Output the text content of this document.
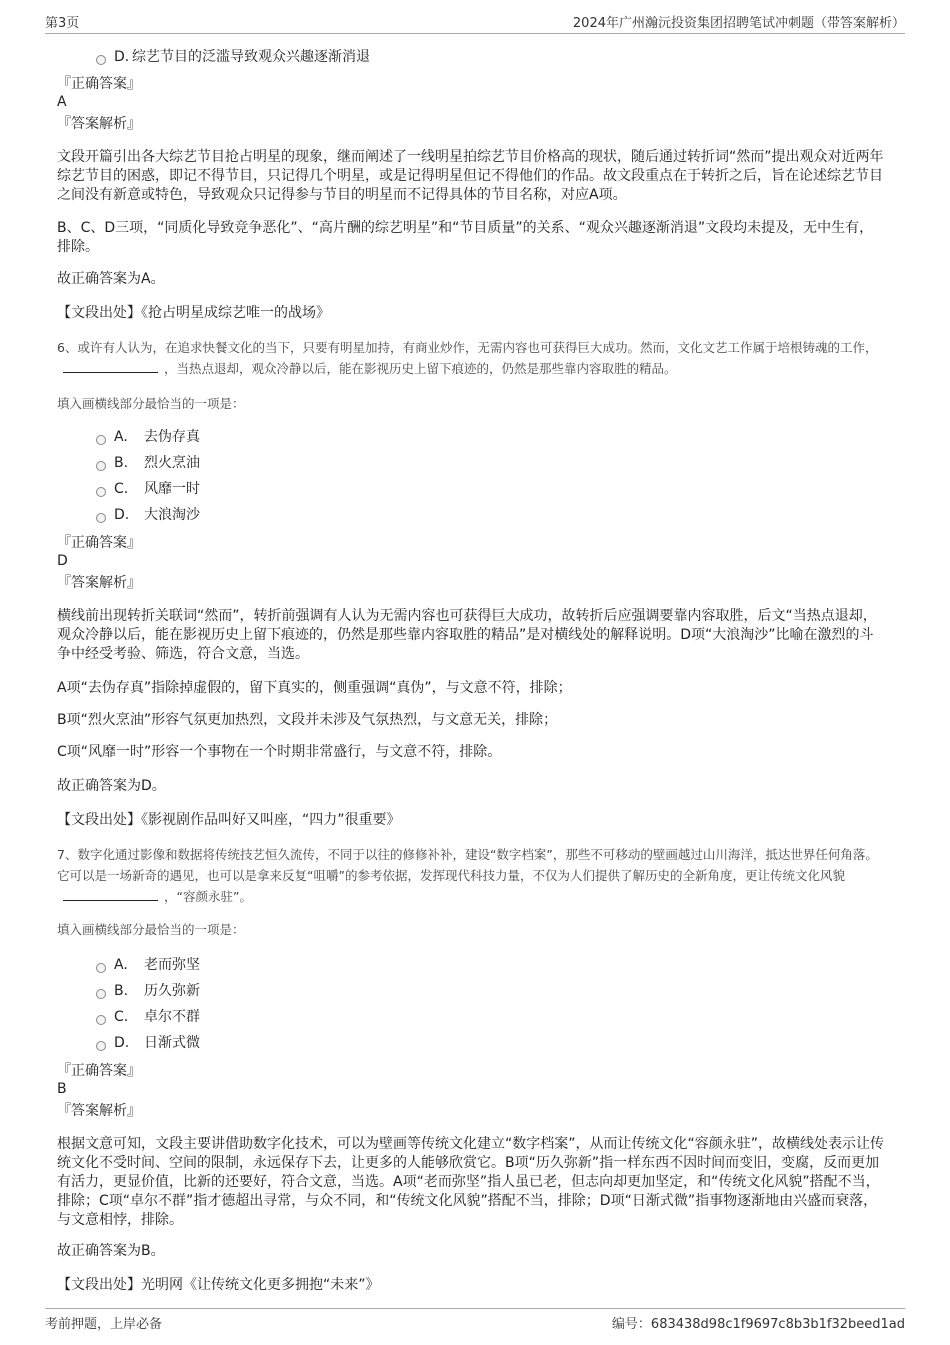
第3页	2024年广州瀚沅投资集团招聘笔试冲刺题（带答案解析）
D. 综艺节目的泛滥导致观众兴趣逐渐消退
『正确答案』
A
『答案解析』
文段开篇引出各大综艺节目抢占明星的现象，继而阐述了一线明星拍综艺节目价格高的现状，随后通过转折词“然而”提出观众对近两年综艺节目的困惑，即记不得节目，只记得几个明星，或是记得明星但记不得他们的作品。故文段重点在于转折之后，旨在论述综艺节目之间没有新意或特色，导致观众只记得参与节目的明星而不记得具体的节目名称，对应A项。
B、C、D三项，“同质化导致竞争恶化”、“高片酬的综艺明星”和“节目质量”的关系、“观众兴趣逐渐消退”文段均未提及，无中生有，排除。
故正确答案为A。
【文段出处】《抢占明星成综艺唯一的战场》
6、或许有人认为，在追求快餐文化的当下，只要有明星加持，有商业炒作，无需内容也可获得巨大成功。然而，文化文艺工作属于培根铸魂的工作，，当热点退却，观众冷静以后，能在影视历史上留下痕迹的，仍然是那些靠内容取胜的精品。
填入画横线部分最恰当的一项是：
A.	去伪存真
B.	烈火烹油
C.	风靡一时
D.	大浪淘沙
『正确答案』
D
『答案解析』
横线前出现转折关联词“然而”，转折前强调有人认为无需内容也可获得巨大成功，故转折后应强调要靠内容取胜，后文“当热点退却，观众冷静以后，能在影视历史上留下痕迹的，仍然是那些靠内容取胜的精品”是对横线处的解释说明。D项“大浪淘沙”比喻在激烈的斗争中经受考验、筛选，符合文意，当选。
A项“去伪存真”指除掉虚假的，留下真实的，侧重强调“真伪”，与文意不符，排除；
B项“烈火烹油”形容气氛更加热烈，文段并未涉及气氛热烈，与文意无关，排除；
C项“风靡一时”形容一个事物在一个时期非常盛行，与文意不符，排除。
故正确答案为D。
【文段出处】《影视剧作品叫好又叫座，“四力”很重要》
7、数字化通过影像和数据将传统技艺恒久流传，不同于以往的修修补补，建设“数字档案”，那些不可移动的壁画越过山川海洋，抵达世界任何角落。它可以是一场新奇的遇见，也可以是拿来反复“咀嚼”的参考依据，发挥现代科技力量，不仅为人们提供了解历史的全新角度，更让传统文化风貌，“容颜永驻”。
填入画横线部分最恰当的一项是：
A.	老而弥坚
B.	历久弥新
C.	卓尔不群
D.	日渐式微
『正确答案』
B
『答案解析』
根据文意可知，文段主要讲借助数字化技术，可以为壁画等传统文化建立“数字档案”，从而让传统文化“容颜永驻”，故横线处表示让传统文化不受时间、空间的限制，永远保存下去，让更多的人能够欣赏它。B项“历久弥新”指一样东西不因时间而变旧，变腐，反而更加有活力，更显价值，比新的还要好，符合文意，当选。A项“老而弥坚”指人虽已老，但志向却更加坚定，和“传统文化风貌”搭配不当，排除；C项“卓尔不群”指才德超出寻常，与众不同，和“传统文化风貌”搭配不当，排除；D项“日渐式微”指事物逐渐地由兴盛而衰落，与文意相悖，排除。
故正确答案为B。
【文段出处】光明网《让传统文化更多拥抱“未来”》
考前押题，上岸必备	编号：683438d98c1f9697c8b3b1f32beed1ad
